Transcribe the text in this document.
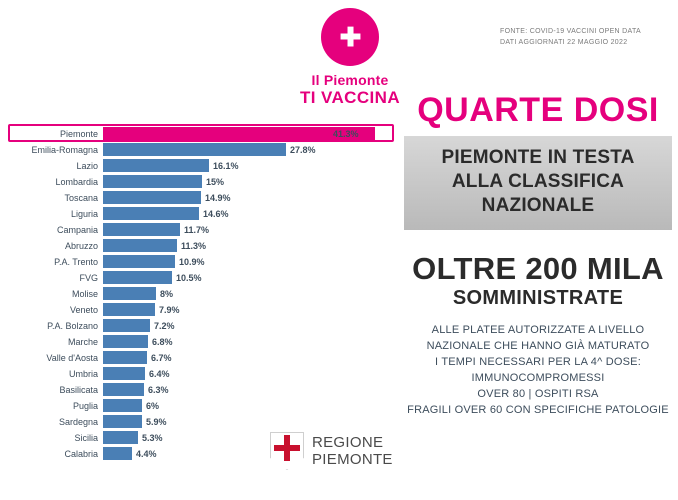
✚
Il Piemonte
TI VACCINA
FONTE: COVID-19 VACCINI OPEN DATA
DATI AGGIORNATI 22 MAGGIO 2022
Piemonte	41.3%
Emilia-Romagna	27.8%
Lazio	16.1%
Lombardia	15%
Toscana	14.9%
Liguria	14.6%
Campania	11.7%
Abruzzo	11.3%
P.A. Trento	10.9%
FVG	10.5%
Molise	8%
Veneto	7.9%
P.A. Bolzano	7.2%
Marche	6.8%
Valle d'Aosta	6.7%
Umbria	6.4%
Basilicata	6.3%
Puglia	6%
Sardegna	5.9%
Sicilia	5.3%
Calabria	4.4%
QUARTE DOSI
PIEMONTE IN TESTA
ALLA CLASSIFICA
NAZIONALE
OLTRE 200 MILA
SOMMINISTRATE
ALLE PLATEE AUTORIZZATE A LIVELLO
NAZIONALE CHE HANNO GIÀ MATURATO
I TEMPI NECESSARI PER LA 4^ DOSE:
IMMUNOCOMPROMESSI
OVER 80 | OSPITI RSA
FRAGILI OVER 60 CON SPECIFICHE PATOLOGIE
REGIONE
PIEMONTE
